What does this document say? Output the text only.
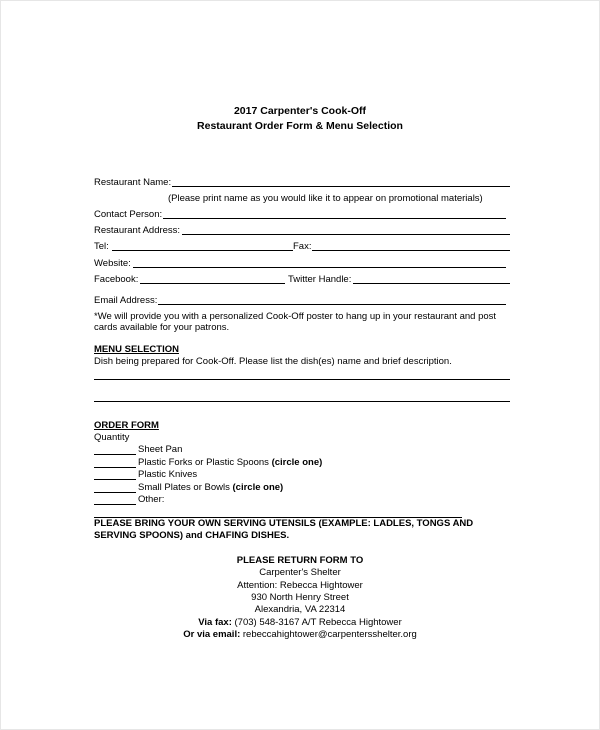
2017 Carpenter's Cook-Off
Restaurant Order Form & Menu Selection
Restaurant Name:
(Please print name as you would like it to appear on promotional materials)
Contact Person:
Restaurant Address:
Tel:	Fax:
Website:
Facebook:	Twitter Handle:
Email Address:
*We will provide you with a personalized Cook-Off poster to hang up in your restaurant and post
cards available for your patrons.
MENU SELECTION
Dish being prepared for Cook-Off. Please list the dish(es) name and brief description.
ORDER FORM
Quantity
Sheet Pan
Plastic Forks or Plastic Spoons (circle one)
Plastic Knives
Small Plates or Bowls (circle one)
Other:
PLEASE BRING YOUR OWN SERVING UTENSILS (EXAMPLE: LADLES, TONGS AND
SERVING SPOONS) and CHAFING DISHES.
PLEASE RETURN FORM TO
Carpenter's Shelter
Attention: Rebecca Hightower
930 North Henry Street
Alexandria, VA 22314
Via fax: (703) 548-3167 A/T Rebecca Hightower
Or via email: rebeccahightower@carpentersshelter.org
